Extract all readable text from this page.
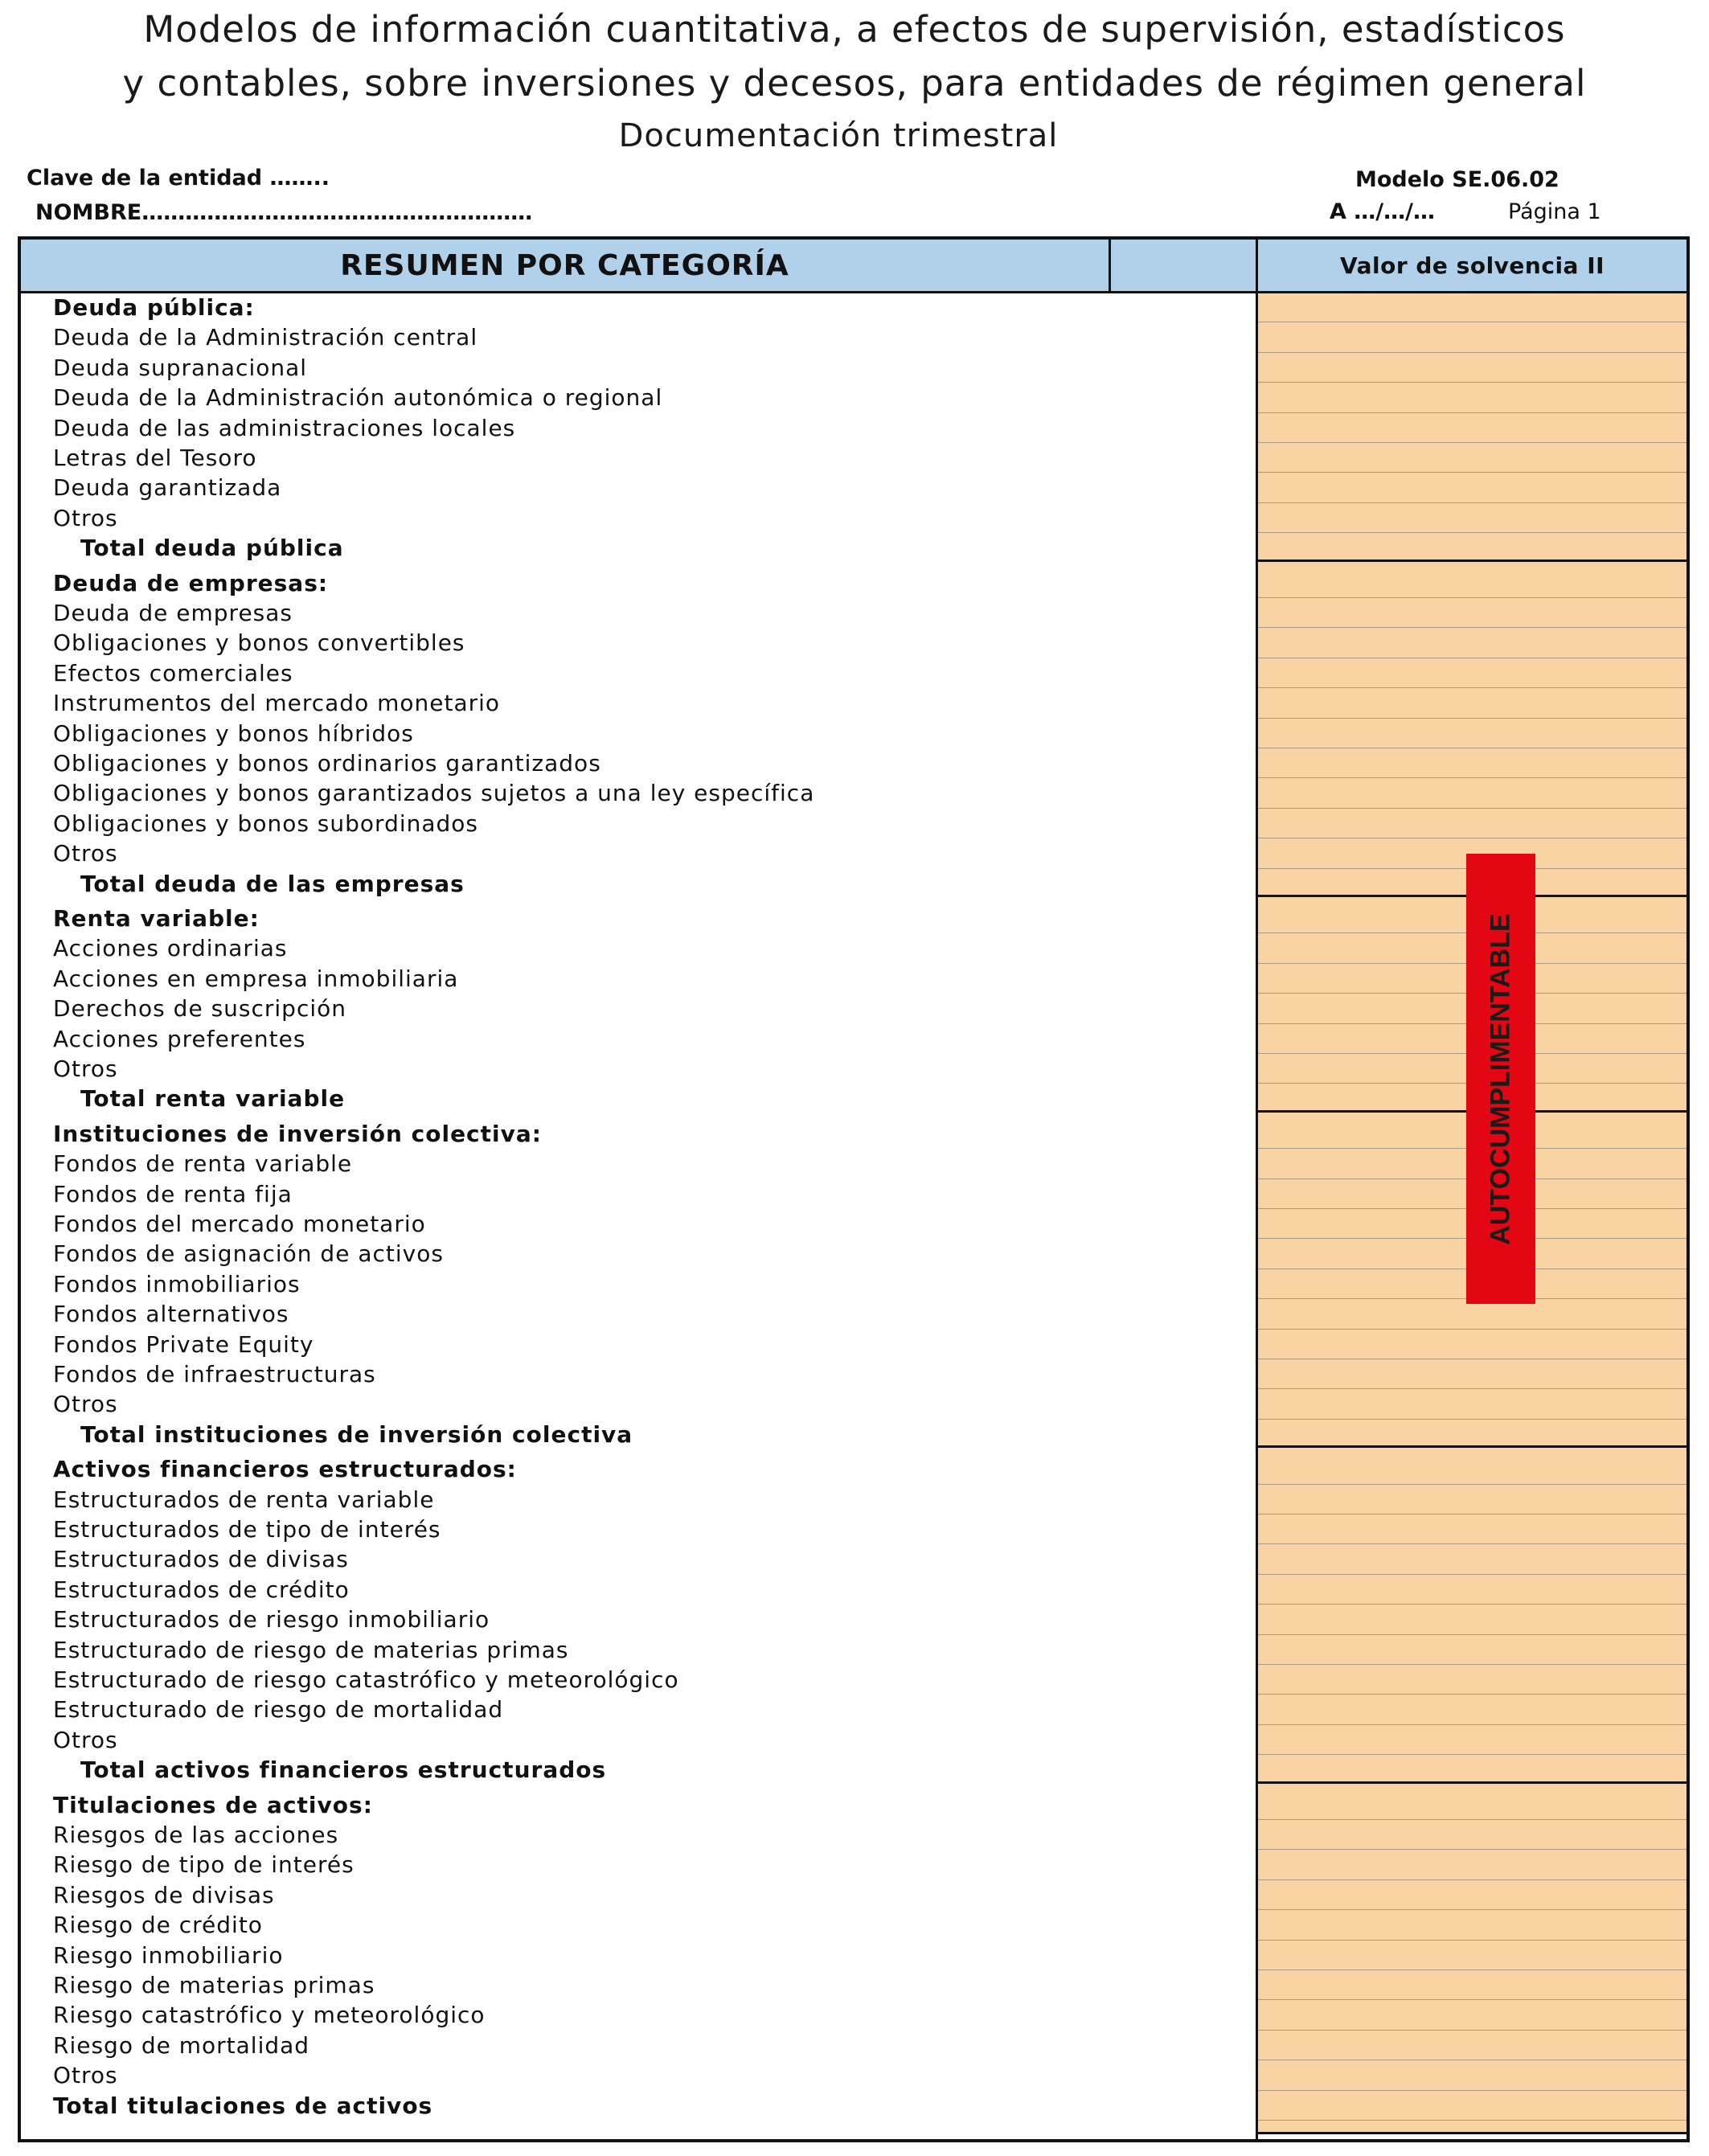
Modelos de información cuantitativa, a efectos de supervisión, estadísticos
y contables, sobre inversiones y decesos, para entidades de régimen general
Documentación trimestral
Clave de la entidad ……..
NOMBRE………………………………………………
Modelo SE.06.02
A …/…/…	Página 1
RESUMEN POR CATEGORÍA	Valor de solvencia II
Deuda pública:
Deuda de la Administración central
Deuda supranacional
Deuda de la Administración autonómica o regional
Deuda de las administraciones locales
Letras del Tesoro
Deuda garantizada
Otros
Total deuda pública
Deuda de empresas:
Deuda de empresas
Obligaciones y bonos convertibles
Efectos comerciales
Instrumentos del mercado monetario
Obligaciones y bonos híbridos
Obligaciones y bonos ordinarios garantizados
Obligaciones y bonos garantizados sujetos a una ley específica
Obligaciones y bonos subordinados
Otros
Total deuda de las empresas
Renta variable:
Acciones ordinarias
Acciones en empresa inmobiliaria
Derechos de suscripción
Acciones preferentes
Otros
Total renta variable
Instituciones de inversión colectiva:
Fondos de renta variable
Fondos de renta fija
Fondos del mercado monetario
Fondos de asignación de activos
Fondos inmobiliarios
Fondos alternativos
Fondos Private Equity
Fondos de infraestructuras
Otros
Total instituciones de inversión colectiva
Activos financieros estructurados:
Estructurados de renta variable
Estructurados de tipo de interés
Estructurados de divisas
Estructurados de crédito
Estructurados de riesgo inmobiliario
Estructurado de riesgo de materias primas
Estructurado de riesgo catastrófico y meteorológico
Estructurado de riesgo de mortalidad
Otros
Total activos financieros estructurados
Titulaciones de activos:
Riesgos de las acciones
Riesgo de tipo de interés
Riesgos de divisas
Riesgo de crédito
Riesgo inmobiliario
Riesgo de materias primas
Riesgo catastrófico y meteorológico
Riesgo de mortalidad
Otros
Total titulaciones de activos
AUTOCUMPLIMENTABLE
